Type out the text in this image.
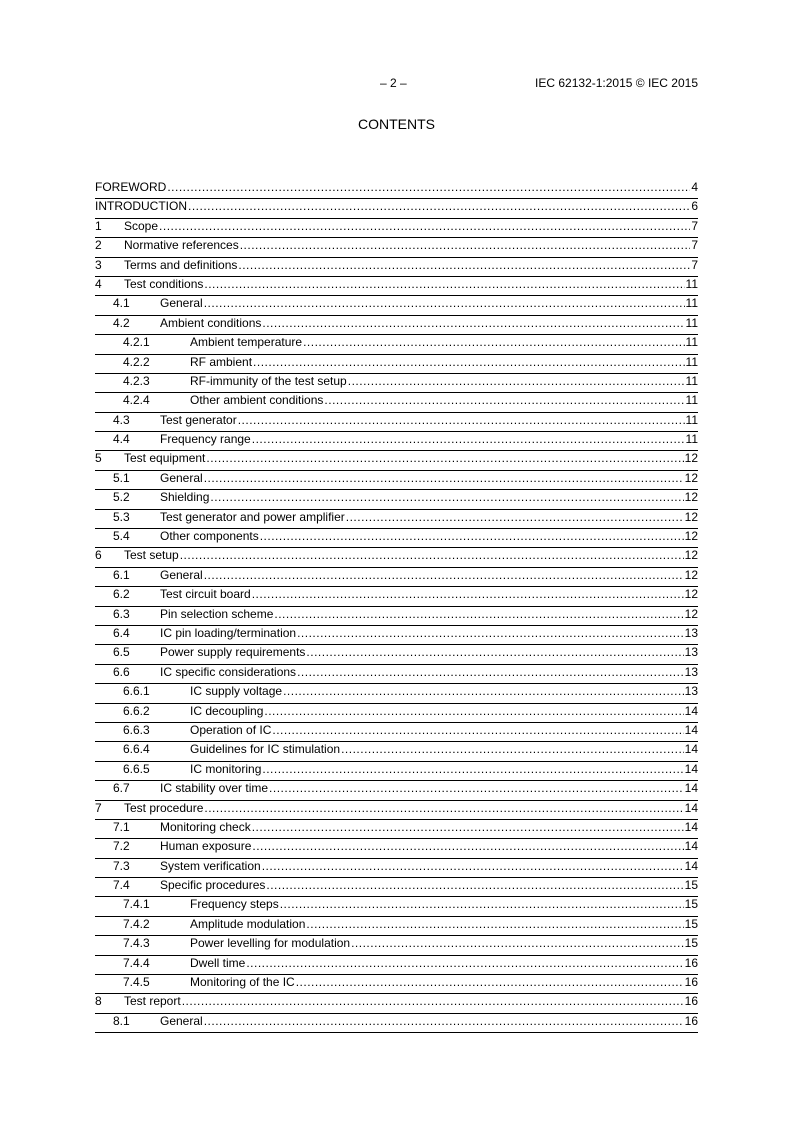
– 2 –	IEC 62132-1:2015 © IEC 2015
CONTENTS
FOREWORD .....	4
INTRODUCTION .....	6
1	Scope .....	7
2	Normative references .....	7
3	Terms and definitions .....	7
4	Test conditions .....	11
4.1	General .....	11
4.2	Ambient conditions .....	11
4.2.1	Ambient temperature .....	11
4.2.2	RF ambient .....	11
4.2.3	RF-immunity of the test setup .....	11
4.2.4	Other ambient conditions .....	11
4.3	Test generator .....	11
4.4	Frequency range .....	11
5	Test equipment .....	12
5.1	General .....	12
5.2	Shielding .....	12
5.3	Test generator and power amplifier .....	12
5.4	Other components .....	12
6	Test setup .....	12
6.1	General .....	12
6.2	Test circuit board .....	12
6.3	Pin selection scheme .....	12
6.4	IC pin loading/termination .....	13
6.5	Power supply requirements .....	13
6.6	IC specific considerations .....	13
6.6.1	IC supply voltage .....	13
6.6.2	IC decoupling .....	14
6.6.3	Operation of IC .....	14
6.6.4	Guidelines for IC stimulation .....	14
6.6.5	IC monitoring .....	14
6.7	IC stability over time .....	14
7	Test procedure .....	14
7.1	Monitoring check .....	14
7.2	Human exposure .....	14
7.3	System verification .....	14
7.4	Specific procedures .....	15
7.4.1	Frequency steps .....	15
7.4.2	Amplitude modulation .....	15
7.4.3	Power levelling for modulation .....	15
7.4.4	Dwell time .....	16
7.4.5	Monitoring of the IC .....	16
8	Test report .....	16
8.1	General .....	16
